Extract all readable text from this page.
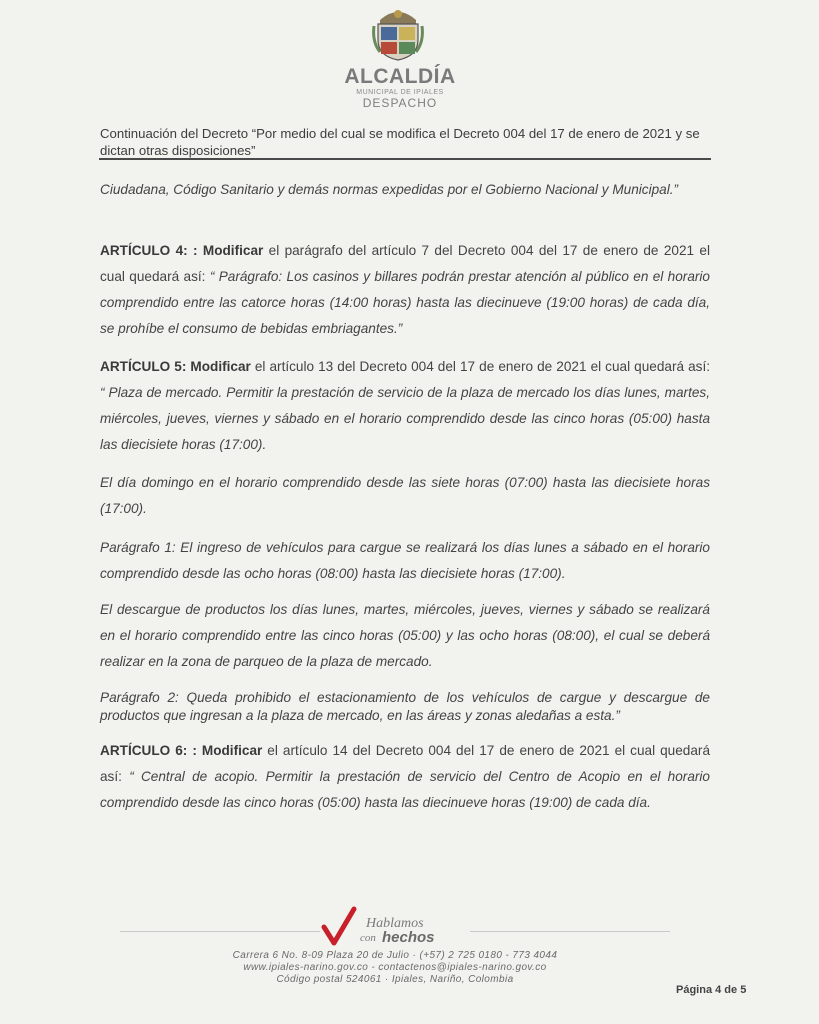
ALCALDÍA
MUNICIPAL DE IPIALES
DESPACHO
Continuación del Decreto “Por medio del cual se modifica el Decreto 004 del 17 de enero de 2021 y se dictan otras disposiciones”
Ciudadana, Código Sanitario y demás normas expedidas por el Gobierno Nacional y Municipal.”
ARTÍCULO 4: : Modificar el parágrafo del artículo 7 del Decreto 004 del 17 de enero de 2021 el cual quedará así: “ Parágrafo: Los casinos y billares podrán prestar atención al público en el horario comprendido entre las catorce horas (14:00 horas) hasta las diecinueve (19:00 horas) de cada día, se prohíbe el consumo de bebidas embriagantes.”
ARTÍCULO 5: Modificar el artículo 13 del Decreto 004 del 17 de enero de 2021 el cual quedará así: “ Plaza de mercado. Permitir la prestación de servicio de la plaza de mercado los días lunes, martes, miércoles, jueves, viernes y sábado en el horario comprendido desde las cinco horas (05:00) hasta las diecisiete horas (17:00).
El día domingo en el horario comprendido desde las siete horas (07:00) hasta las diecisiete horas (17:00).
Parágrafo 1: El ingreso de vehículos para cargue se realizará los días lunes a sábado en el horario comprendido desde las ocho horas (08:00) hasta las diecisiete horas (17:00).
El descargue de productos los días lunes, martes, miércoles, jueves, viernes y sábado se realizará en el horario comprendido entre las cinco horas (05:00) y las ocho horas (08:00), el cual se deberá realizar en la zona de parqueo de la plaza de mercado.
Parágrafo 2: Queda prohibido el estacionamiento de los vehículos de cargue y descargue de productos que ingresan a la plaza de mercado, en las áreas y zonas aledañas a esta.”
ARTÍCULO 6: : Modificar el artículo 14 del Decreto 004 del 17 de enero de 2021 el cual quedará así: “ Central de acopio. Permitir la prestación de servicio del Centro de Acopio en el horario comprendido desde las cinco horas (05:00) hasta las diecinueve horas (19:00) de cada día.
Hablamos
con hechos
Carrera 6 No. 8-09 Plaza 20 de Julio · (+57) 2 725 0180 - 773 4044
www.ipiales-narino.gov.co - contactenos@ipiales-narino.gov.co
Código postal 524061 · Ipiales, Nariño, Colombia
Página 4 de 5
